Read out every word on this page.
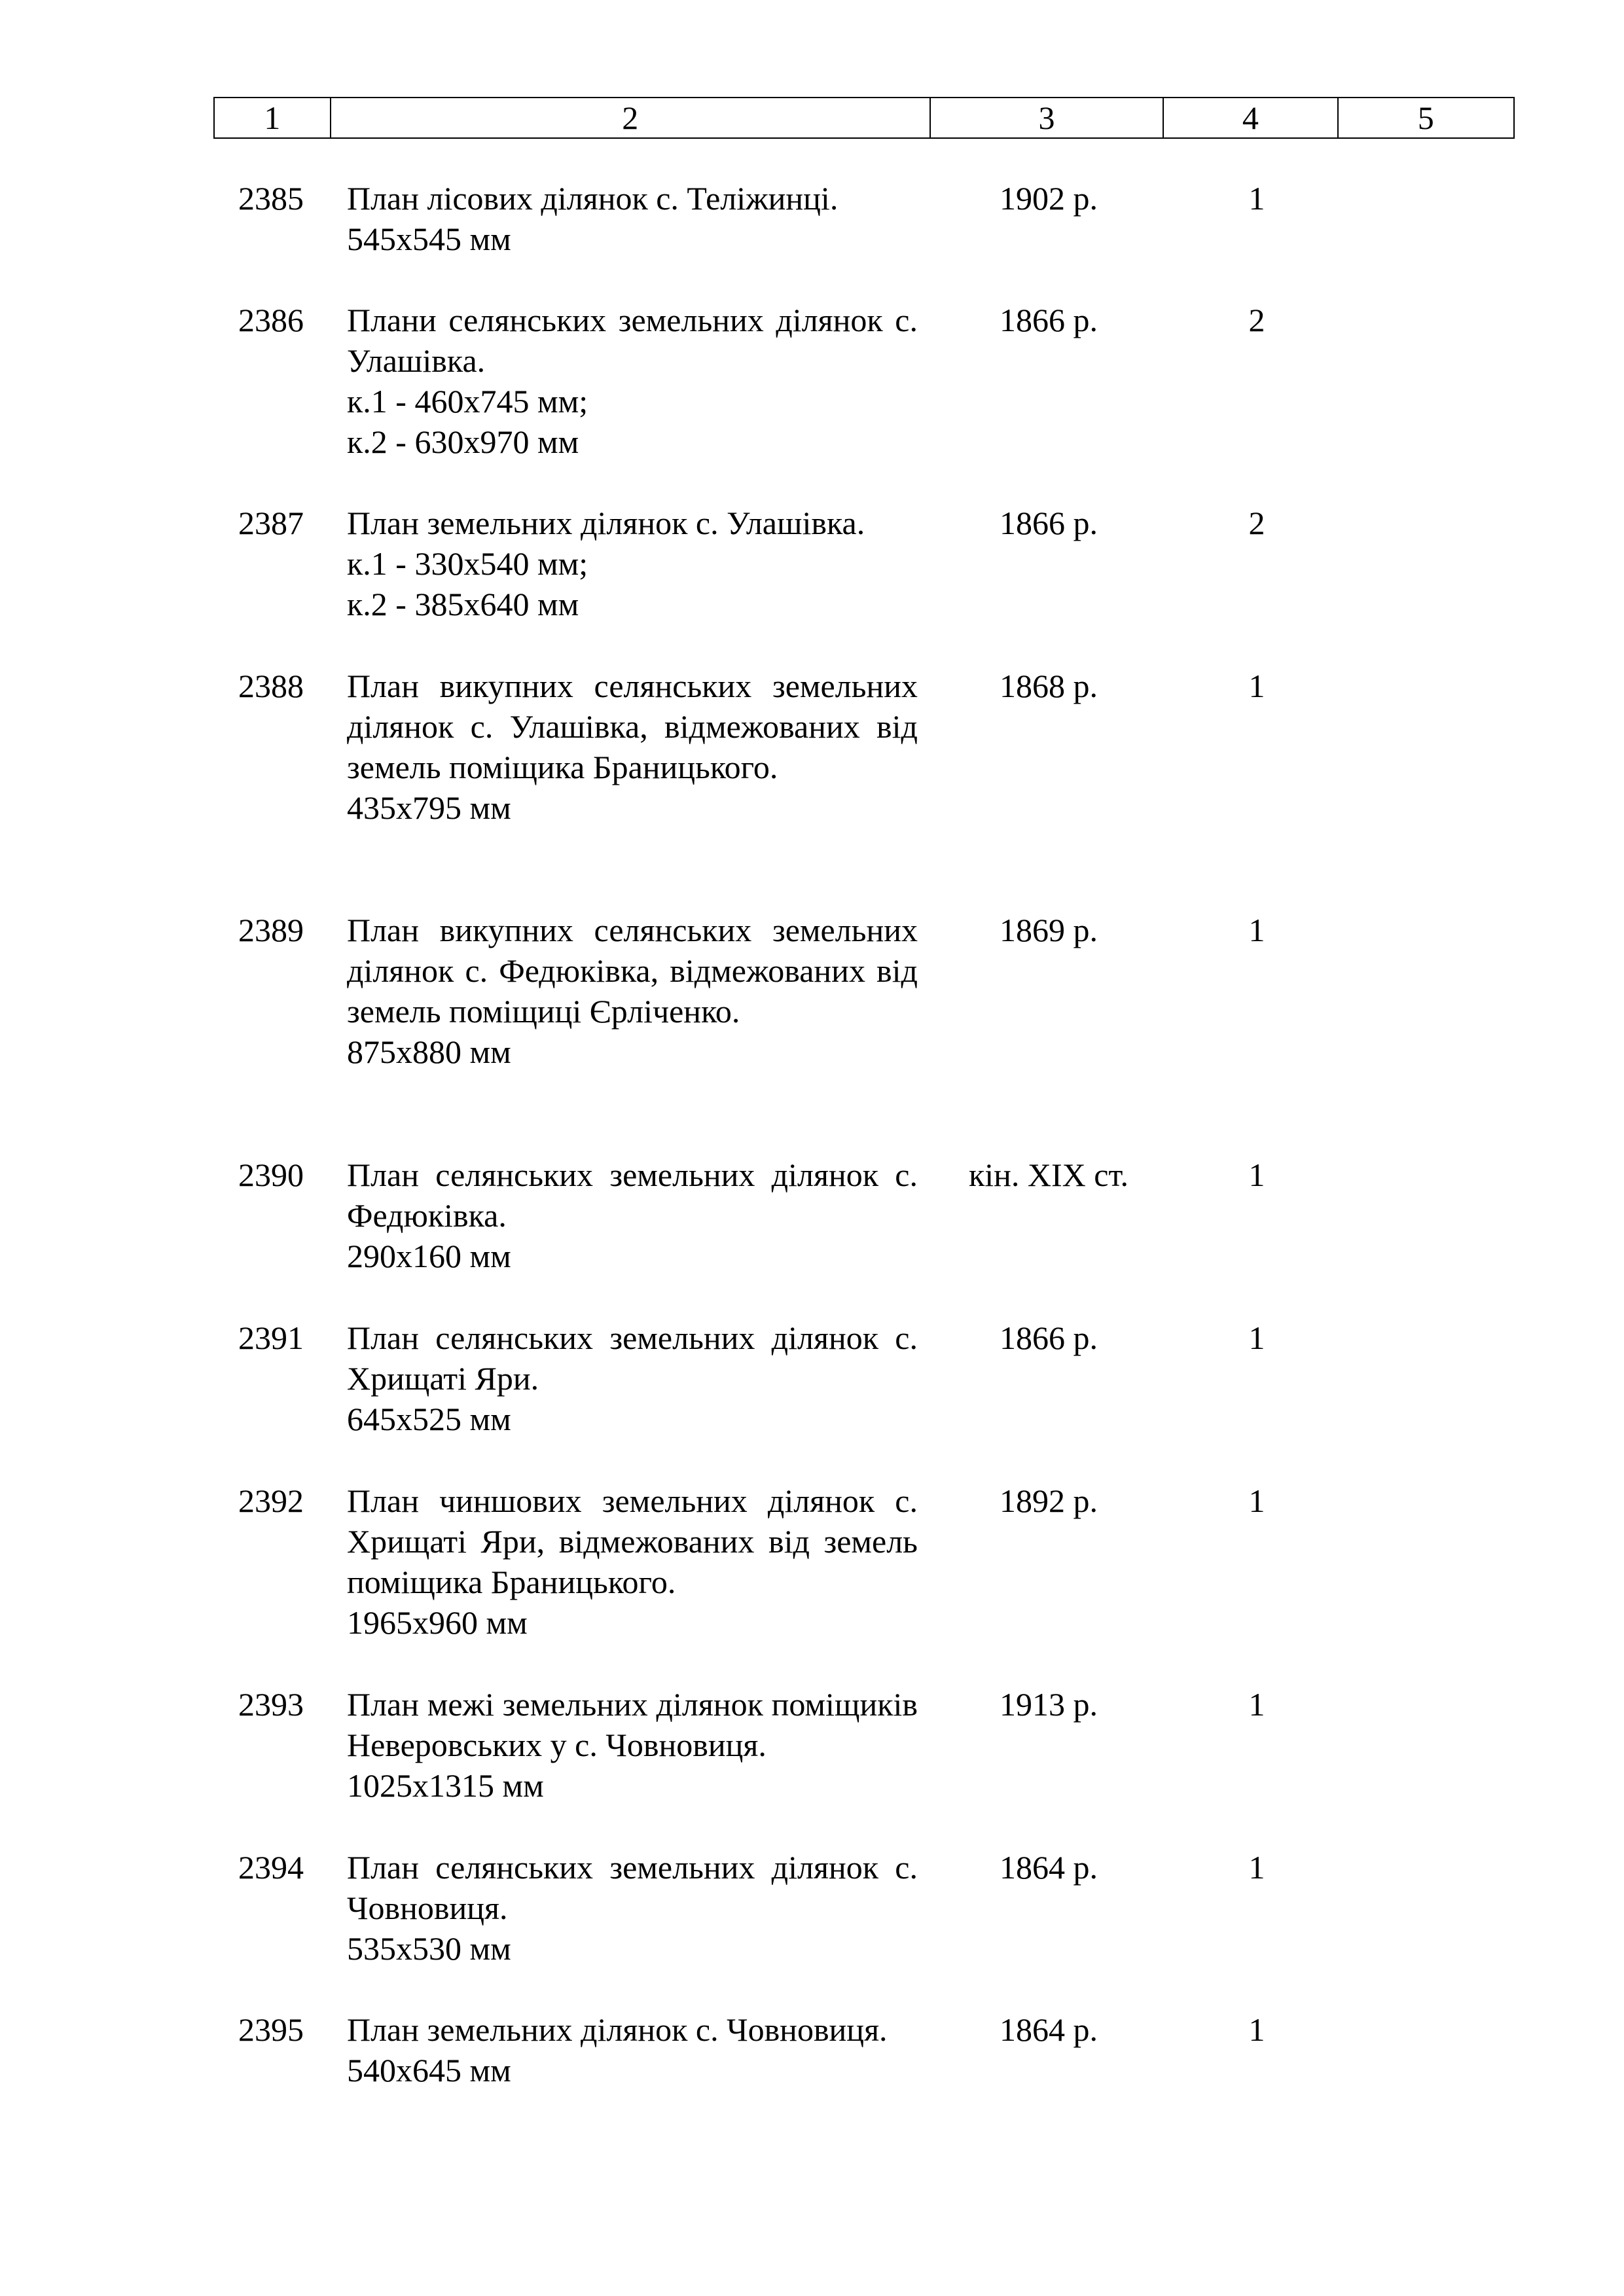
1	2	3	4	5
2385 План лісових ділянок с. Теліжинці.
545x545 мм
1902 р.	1
2386 Плани селянських земельних ділянок с. Улашівка.
к.1 - 460x745 мм;
к.2 - 630x970 мм
1866 р.	2
2387 План земельних ділянок с. Улашівка.
к.1 - 330x540 мм;
к.2 - 385x640 мм
1866 р.	2
2388 План викупних селянських земельних ділянок с. Улашівка, відмежованих від земель поміщика Браницького.
435x795 мм
1868 р.	1
2389 План викупних селянських земельних ділянок с. Федюківка, відмежованих від земель поміщиці Єрліченко.
875x880 мм
1869 р.	1
2390 План селянських земельних ділянок с. Федюківка.
290x160 мм
кін. XIX ст.	1
2391 План селянських земельних ділянок с. Хрищаті Яри.
645x525 мм
1866 р.	1
2392 План чиншових земельних ділянок с. Хрищаті Яри, відмежованих від земель поміщика Браницького.
1965x960 мм
1892 р.	1
2393 План межі земельних ділянок поміщиків Неверовських у с. Човновиця.
1025x1315 мм
1913 р.	1
2394 План селянських земельних ділянок с. Човновиця.
535x530 мм
1864 р.	1
2395 План земельних ділянок с. Човновиця.
540x645 мм
1864 р.	1
